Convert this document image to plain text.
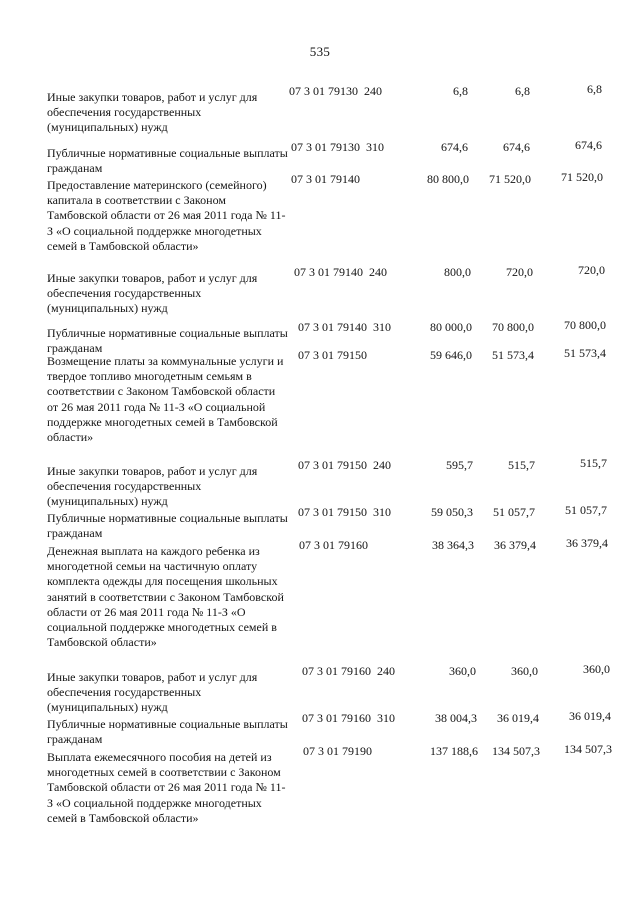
535
Иные закупки товаров, работ и услуг для обеспечения государственных (муниципальных) нужд
07 3 01 79130  240	6,8	6,8	6,8
Публичные нормативные социальные выплаты гражданам
07 3 01 79130  310	674,6	674,6	674,6
Предоставление материнского (семейного) капитала в соответствии с Законом Тамбовской области от 26 мая 2011 года № 11-З «О социальной поддержке многодетных семей в Тамбовской области»
07 3 01 79140	80 800,0	71 520,0	71 520,0
Иные закупки товаров, работ и услуг для обеспечения государственных (муниципальных) нужд
07 3 01 79140  240	800,0	720,0	720,0
Публичные нормативные социальные выплаты гражданам
07 3 01 79140  310	80 000,0	70 800,0	70 800,0
Возмещение платы за коммунальные услуги и твердое топливо многодетным семьям в соответствии с Законом Тамбовской области от 26 мая 2011 года № 11-З «О социальной поддержке многодетных семей в Тамбовской области»
07 3 01 79150	59 646,0	51 573,4	51 573,4
Иные закупки товаров, работ и услуг для обеспечения государственных (муниципальных) нужд
07 3 01 79150  240	595,7	515,7	515,7
Публичные нормативные социальные выплаты гражданам
07 3 01 79150  310	59 050,3	51 057,7	51 057,7
Денежная выплата на каждого ребенка из многодетной семьи на частичную оплату комплекта одежды для посещения школьных занятий в соответствии с Законом Тамбовской области от 26 мая 2011 года № 11-З «О социальной поддержке многодетных семей в Тамбовской области»
07 3 01 79160	38 364,3	36 379,4	36 379,4
Иные закупки товаров, работ и услуг для обеспечения государственных (муниципальных) нужд
07 3 01 79160  240	360,0	360,0	360,0
Публичные нормативные социальные выплаты гражданам
07 3 01 79160  310	38 004,3	36 019,4	36 019,4
Выплата ежемесячного пособия на детей из многодетных семей в соответствии с Законом Тамбовской области от 26 мая 2011 года № 11-З «О социальной поддержке многодетных семей в Тамбовской области»
07 3 01 79190	137 188,6	134 507,3	134 507,3
